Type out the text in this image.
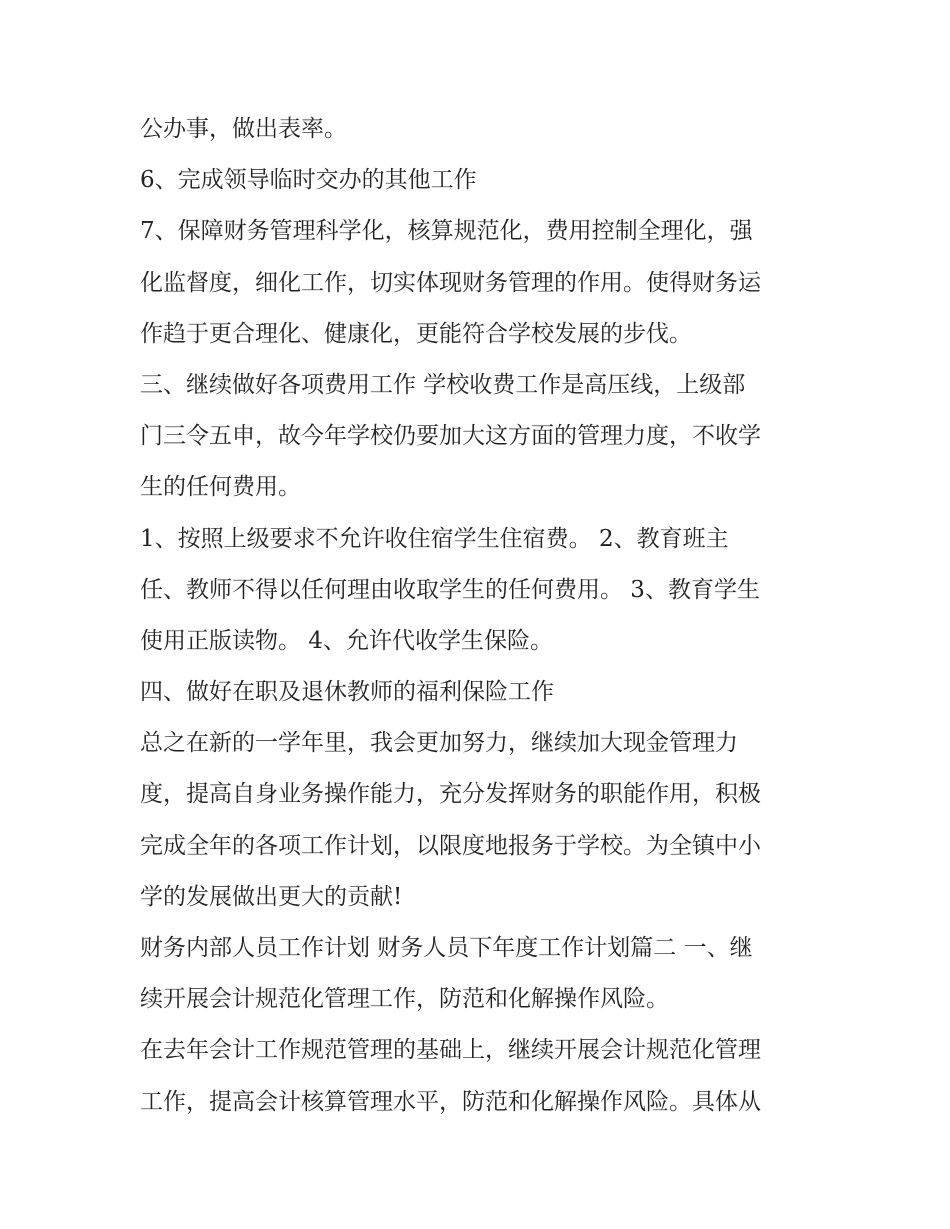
公办事，做出表率。
6、完成领导临时交办的其他工作
7、保障财务管理科学化，核算规范化，费用控制全理化，强
化监督度，细化工作，切实体现财务管理的作用。使得财务运
作趋于更合理化、健康化，更能符合学校发展的步伐。
三、继续做好各项费用工作 学校收费工作是高压线，上级部
门三令五申，故今年学校仍要加大这方面的管理力度，不收学
生的任何费用。
1、按照上级要求不允许收住宿学生住宿费。 2、教育班主
任、教师不得以任何理由收取学生的任何费用。 3、教育学生
使用正版读物。 4、允许代收学生保险。
四、做好在职及退休教师的福利保险工作
总之在新的一学年里，我会更加努力，继续加大现金管理力
度，提高自身业务操作能力，充分发挥财务的职能作用，积极
完成全年的各项工作计划，以限度地报务于学校。为全镇中小
学的发展做出更大的贡献!
财务内部人员工作计划 财务人员下年度工作计划篇二 一、继
续开展会计规范化管理工作，防范和化解操作风险。
在去年会计工作规范管理的基础上，继续开展会计规范化管理
工作，提高会计核算管理水平，防范和化解操作风险。具体从
